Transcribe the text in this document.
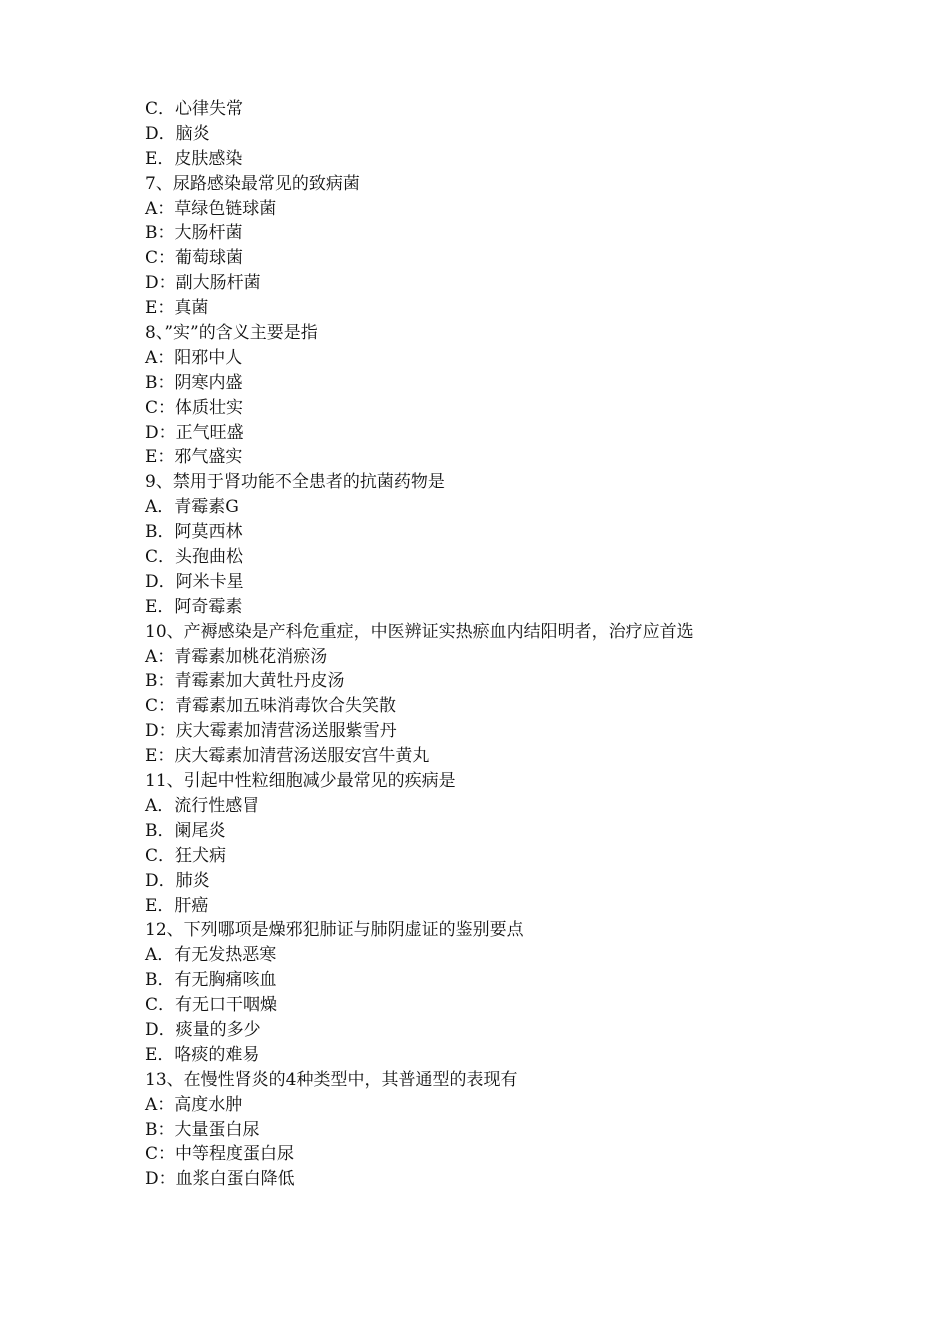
C．心律失常
D．脑炎
E．皮肤感染
7、尿路感染最常见的致病菌
A：草绿色链球菌
B：大肠杆菌
C：葡萄球菌
D：副大肠杆菌
E：真菌
8、”实”的含义主要是指
A：阳邪中人
B：阴寒内盛
C：体质壮实
D：正气旺盛
E：邪气盛实
9、禁用于肾功能不全患者的抗菌药物是
A．青霉素G
B．阿莫西林
C．头孢曲松
D．阿米卡星
E．阿奇霉素
10、产褥感染是产科危重症，中医辨证实热瘀血内结阳明者，治疗应首选
A：青霉素加桃花消瘀汤
B：青霉素加大黄牡丹皮汤
C：青霉素加五味消毒饮合失笑散
D：庆大霉素加清营汤送服紫雪丹
E：庆大霉素加清营汤送服安宫牛黄丸
11、引起中性粒细胞减少最常见的疾病是
A．流行性感冒
B．阑尾炎
C．狂犬病
D．肺炎
E．肝癌
12、下列哪项是燥邪犯肺证与肺阴虚证的鉴别要点
A．有无发热恶寒
B．有无胸痛咳血
C．有无口干咽燥
D．痰量的多少
E．咯痰的难易
13、在慢性肾炎的4种类型中，其普通型的表现有
A：高度水肿
B：大量蛋白尿
C：中等程度蛋白尿
D：血浆白蛋白降低
